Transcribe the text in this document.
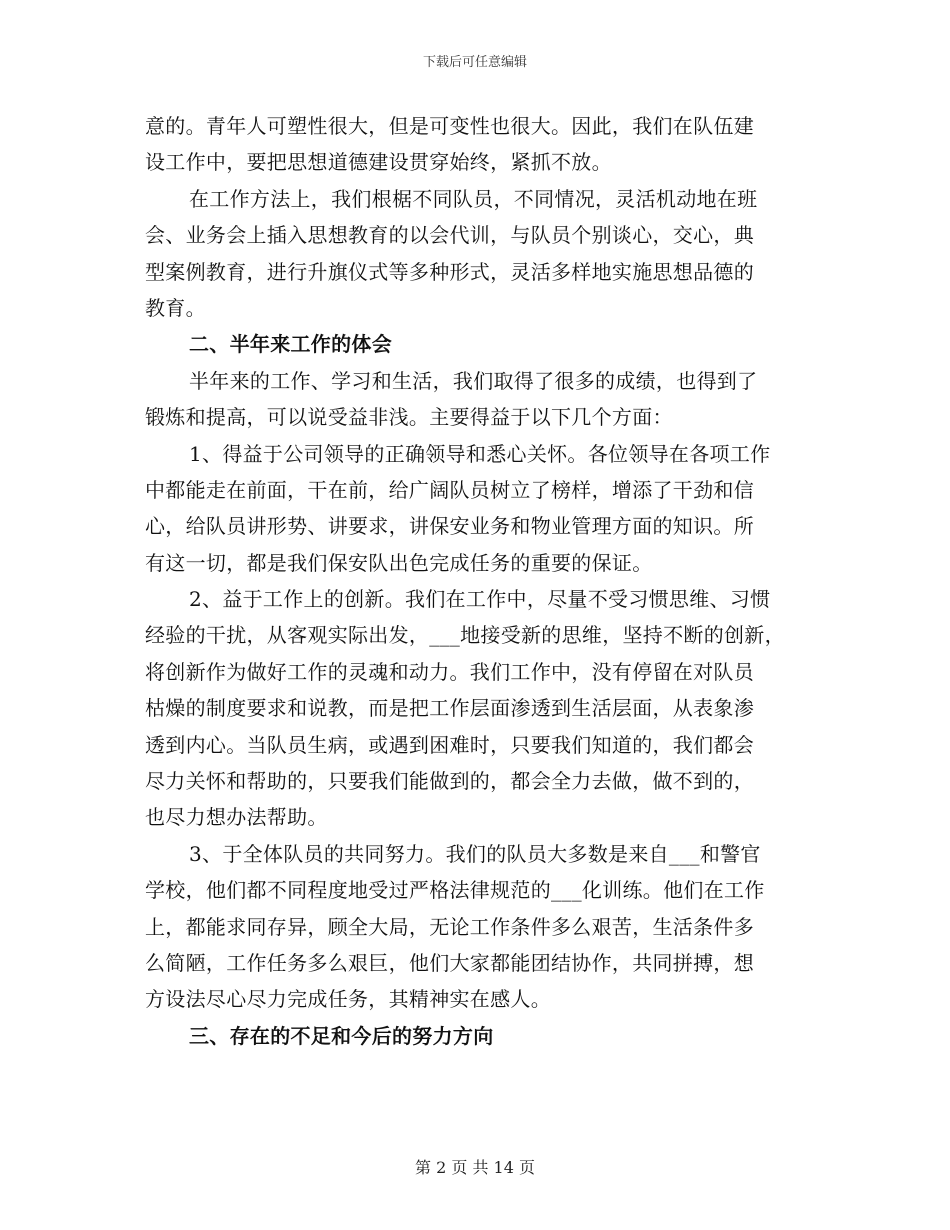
下载后可任意编辑
意的。青年人可塑性很大，但是可变性也很大。因此，我们在队伍建
设工作中，要把思想道德建设贯穿始终，紧抓不放。
在工作方法上，我们根椐不同队员，不同情况，灵活机动地在班
会、业务会上插入思想教育的以会代训，与队员个别谈心，交心，典
型案例教育，进行升旗仪式等多种形式，灵活多样地实施思想品德的
教育。
二、半年来工作的体会
半年来的工作、学习和生活，我们取得了很多的成绩，也得到了
锻炼和提高，可以说受益非浅。主要得益于以下几个方面：
1、得益于公司领导的正确领导和悉心关怀。各位领导在各项工作
中都能走在前面，干在前，给广阔队员树立了榜样，增添了干劲和信
心，给队员讲形势、讲要求，讲保安业务和物业管理方面的知识。所
有这一切，都是我们保安队出色完成任务的重要的保证。
2、益于工作上的创新。我们在工作中，尽量不受习惯思维、习惯
经验的干扰，从客观实际出发，___地接受新的思维，坚持不断的创新，
将创新作为做好工作的灵魂和动力。我们工作中，没有停留在对队员
枯燥的制度要求和说教，而是把工作层面渗透到生活层面，从表象渗
透到内心。当队员生病，或遇到困难时，只要我们知道的，我们都会
尽力关怀和帮助的，只要我们能做到的，都会全力去做，做不到的，
也尽力想办法帮助。
3、于全体队员的共同努力。我们的队员大多数是来自___和警官
学校，他们都不同程度地受过严格法律规范的___化训练。他们在工作
上，都能求同存异，顾全大局，无论工作条件多么艰苦，生活条件多
么简陋，工作任务多么艰巨，他们大家都能团结协作，共同拼搏，想
方设法尽心尽力完成任务，其精神实在感人。
三、存在的不足和今后的努力方向
第 2 页 共 14 页
